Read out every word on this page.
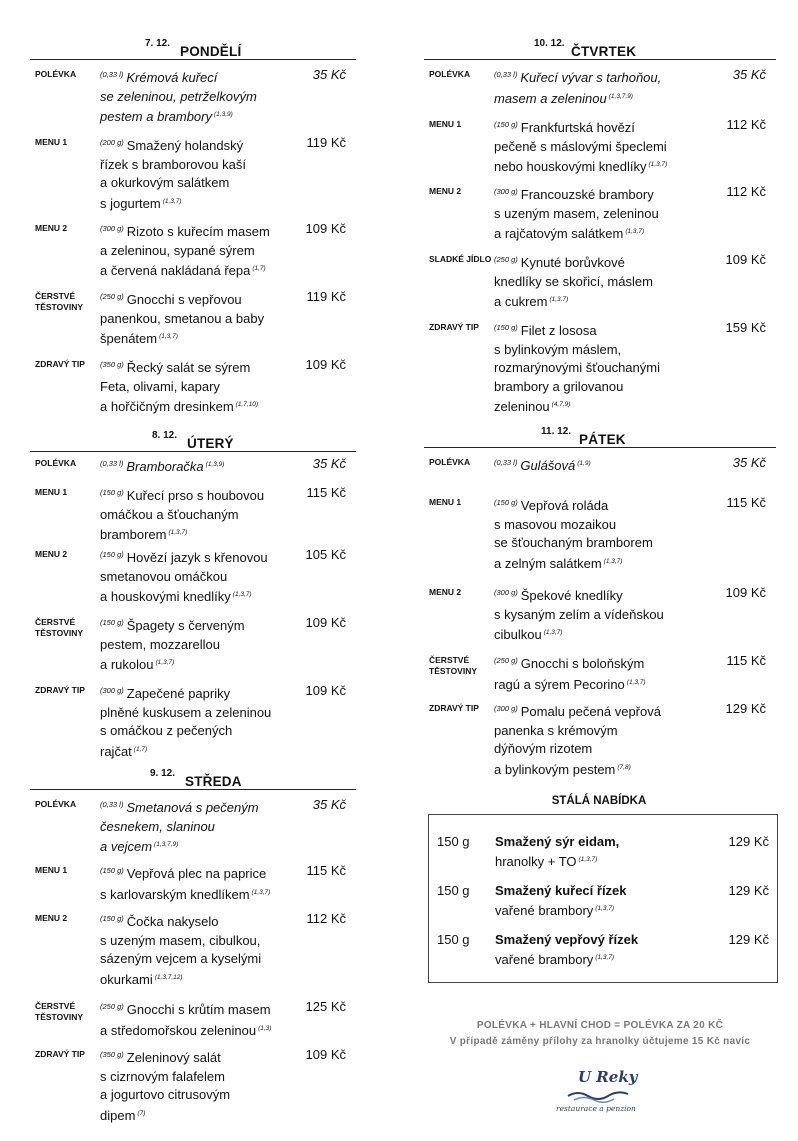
7. 12.
PONDĚLÍ
POLÉVKA	$^{(0,33 l)}$ Krémová kuřecí
se zeleninou, petrželkovým
pestem a brambory $^{(1,3,9)}$
35 Kč
MENU 1	$^{(200 g)}$ Smažený holandský
řízek s bramborovou kaší
a okurkovým salátkem
s jogurtem $^{(1,3,7)}$
119 Kč
MENU 2	$^{(300 g)}$ Rizoto s kuřecím masem
a zeleninou, sypané sýrem
a červená nakládaná řepa $^{(1,7)}$
109 Kč
ČERSTVÉ TĚSTOVINY
$^{(250 g)}$ Gnocchi s vepřovou
panenkou, smetanou a baby
špenátem $^{(1,3,7)}$
119 Kč
ZDRAVÝ TIP	$^{(350 g)}$ Řecký salát se sýrem
Feta, olivami, kapary
a hořčičným dresinkem $^{(1,7,10)}$
109 Kč
8. 12.
ÚTERÝ
POLÉVKA	$^{(0,33 l)}$ Bramboračka $^{(1,3,9)}$	35 Kč
MENU 1	$^{(150 g)}$ Kuřecí prso s houbovou
omáčkou a šťouchaným
bramborem $^{(1,3,7)}$
115 Kč
MENU 2	$^{(150 g)}$ Hovězí jazyk s křenovou
smetanovou omáčkou
a houskovými knedlíky $^{(1,3,7)}$
105 Kč
ČERSTVÉ TĚSTOVINY
$^{(150 g)}$ Špagety s červeným
pestem, mozzarellou
a rukolou $^{(1,3,7)}$
109 Kč
ZDRAVÝ TIP	$^{(300 g)}$ Zapečené papriky
plněné kuskusem a zeleninou
s omáčkou z pečených
rajčat $^{(1,7)}$
109 Kč
9. 12.
STŘEDA
POLÉVKA	$^{(0,33 l)}$ Smetanová s pečeným
česnekem, slaninou
a vejcem $^{(1,3,7,9)}$
35 Kč
MENU 1	$^{(150 g)}$ Vepřová plec na paprice
s karlovarským knedlíkem $^{(1,3,7)}$
115 Kč
MENU 2	$^{(150 g)}$ Čočka nakyselo
s uzeným masem, cibulkou,
sázeným vejcem a kyselými
okurkami $^{(1,3,7,12)}$
112 Kč
ČERSTVÉ TĚSTOVINY
$^{(250 g)}$ Gnocchi s krůtím masem
a středomořskou zeleninou $^{(1,3)}$
125 Kč
ZDRAVÝ TIP	$^{(350 g)}$ Zeleninový salát
s cizrnovým falafelem
a jogurtovo citrusovým
dipem $^{(7)}$
109 Kč
10. 12.
ČTVRTEK
POLÉVKA	$^{(0,33 l)}$ Kuřecí vývar s tarhoňou,
masem a zeleninou $^{(1,3,7,9)}$
35 Kč
MENU 1	$^{(150 g)}$ Frankfurtská hovězí
pečeně s máslovými špeclemi
nebo houskovými knedlíky $^{(1,3,7)}$
112 Kč
MENU 2	$^{(300 g)}$ Francouzské brambory
s uzeným masem, zeleninou
a rajčatovým salátkem $^{(1,3,7)}$
112 Kč
SLADKÉ JÍDLO $^{(250 g)}$ Kynuté borůvkové
knedlíky se skořicí, máslem
a cukrem $^{(1,3,7)}$
109 Kč
ZDRAVÝ TIP	$^{(150 g)}$ Filet z lososa
s bylinkovým máslem,
rozmarýnovými šťouchanými
brambory a grilovanou
zeleninou $^{(4,7,9)}$
159 Kč
11. 12.
PÁTEK
POLÉVKA	$^{(0,33 l)}$ Gulášová $^{(1,9)}$	35 Kč
MENU 1	$^{(150 g)}$ Vepřová roláda
s masovou mozaikou
se šťouchaným bramborem
a zelným salátkem $^{(1,3,7)}$
115 Kč
MENU 2	$^{(300 g)}$ Špekové knedlíky
s kysaným zelím a vídeňskou
cibulkou $^{(1,3,7)}$
109 Kč
ČERSTVÉ TĚSTOVINY
$^{(250 g)}$ Gnocchi s boloňským
ragú a sýrem Pecorino $^{(1,3,7)}$
115 Kč
ZDRAVÝ TIP	$^{(300 g)}$ Pomalu pečená vepřová
panenka s krémovým
dýňovým rizotem
a bylinkovým pestem $^{(7,8)}$
129 Kč
STÁLÁ NABÍDKA
150 g Smažený sýr eidam,
hranolky + TO $^{(1,3,7)}$
129 Kč
150 g Smažený kuřecí řízek
vařené brambory $^{(1,3,7)}$
129 Kč
150 g Smažený vepřový řízek
vařené brambory $^{(1,3,7)}$
129 Kč
POLÉVKA + HLAVNÍ CHOD = POLÉVKA ZA 20 KČ
V případě záměny přílohy za hranolky účtujeme 15 Kč navíc
U Reky
restaurace a penzion
